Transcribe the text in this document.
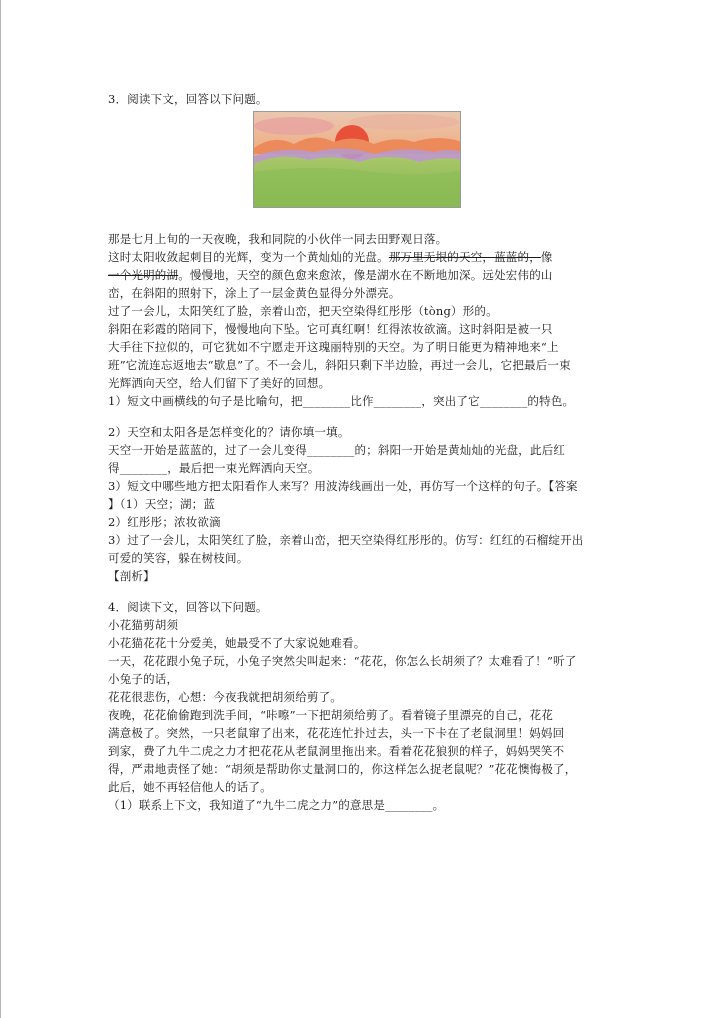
3．阅读下文，回答以下问题。
那是七月上旬的一天夜晚，我和同院的小伙伴一同去田野观日落。
这时太阳收敛起刺目的光辉，变为一个黄灿灿的光盘。那万里无垠的天空，蓝蓝的，像
一个光明的湖。慢慢地，天空的颜色愈来愈浓，像是湖水在不断地加深。远处宏伟的山
峦，在斜阳的照射下，涂上了一层金黄色显得分外漂亮。
过了一会儿，太阳笑红了脸，亲着山峦，把天空染得红彤彤（tòng）形的。
斜阳在彩霞的陪同下，慢慢地向下坠。它可真红啊！红得浓妆欲滴。这时斜阳是被一只
大手往下拉似的，可它犹如不宁愿走开这瑰丽特别的天空。为了明日能更为精神地来“上
班”它流连忘返地去“歇息”了。不一会儿，斜阳只剩下半边脸，再过一会儿，它把最后一束
光辉洒向天空，给人们留下了美好的回想。
1）短文中画横线的句子是比喻句，把________比作________，突出了它________的特色。
2）天空和太阳各是怎样变化的？请你填一填。
天空一开始是蓝蓝的，过了一会儿变得________的；斜阳一开始是黄灿灿的光盘，此后红
得________，最后把一束光辉洒向天空。
3）短文中哪些地方把太阳看作人来写？用波涛线画出一处，再仿写一个这样的句子。【答案
】（1）天空；湖；蓝
2）红彤彤；浓妆欲滴
3）过了一会儿，太阳笑红了脸，亲着山峦，把天空染得红彤彤的。仿写：红红的石榴绽开出
可爱的笑容，躲在树枝间。
【剖析】
4．阅读下文，回答以下问题。
小花猫剪胡须
小花猫花花十分爱美，她最受不了大家说她难看。
一天，花花跟小兔子玩，小兔子突然尖叫起来：“花花，你怎么长胡须了？太难看了！”听了
小兔子的话，
花花很悲伤，心想：今夜我就把胡须给剪了。
夜晚，花花偷偷跑到洗手间，“咔嚓”一下把胡须给剪了。看着镜子里漂亮的自己，花花
满意极了。突然，一只老鼠窜了出来，花花连忙扑过去，头一下卡在了老鼠洞里！妈妈回
到家，费了九牛二虎之力才把花花从老鼠洞里拖出来。看着花花狼狈的样子，妈妈哭笑不
得，严肃地责怪了她：“胡须是帮助你丈量洞口的，你这样怎么捉老鼠呢？”花花懊悔极了，
此后，她不再轻信他人的话了。
（1）联系上下文，我知道了“九牛二虎之力”的意思是________。
